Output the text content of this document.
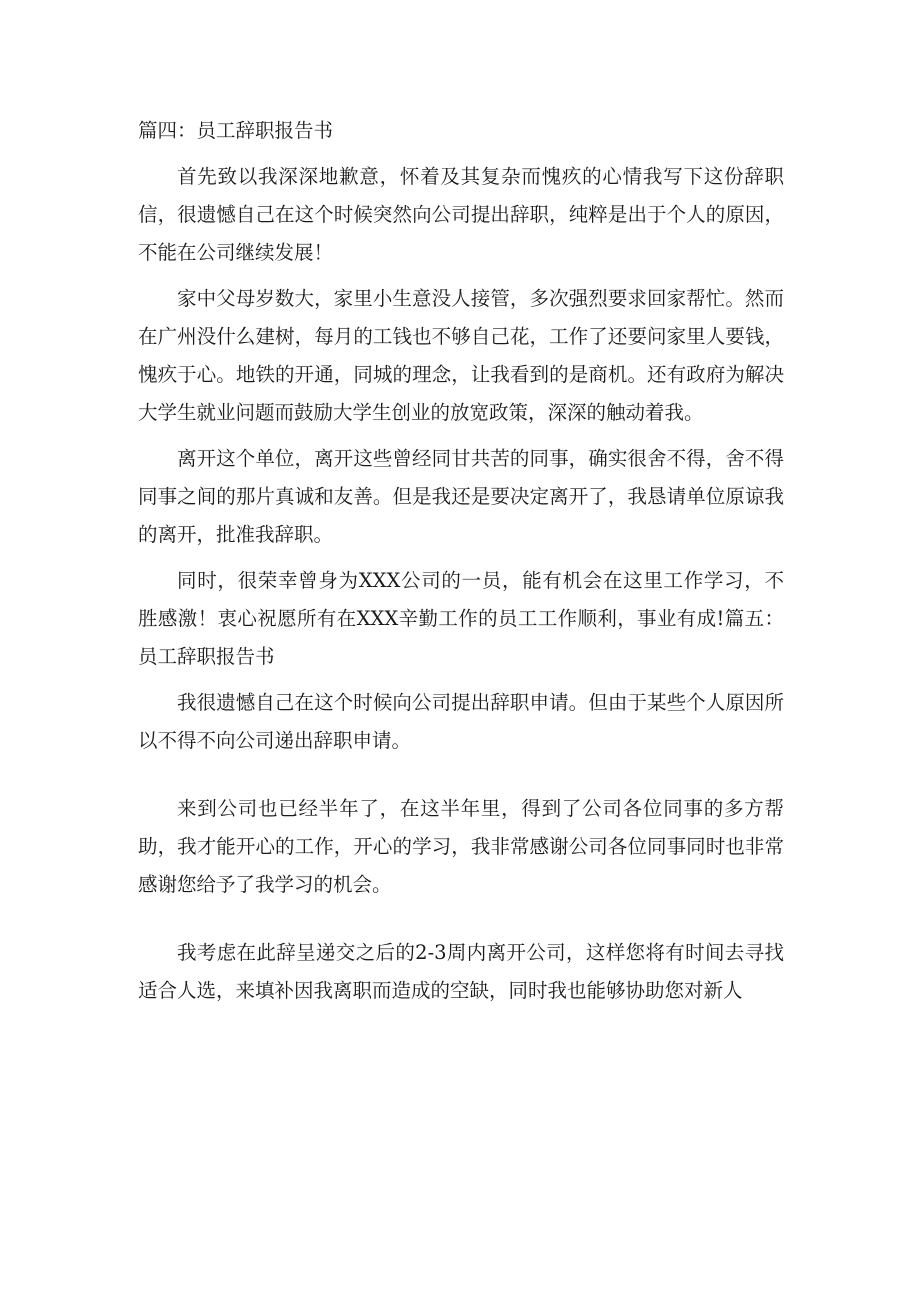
篇四：员工辞职报告书

首先致以我深深地歉意，怀着及其复杂而愧疚的心情我写下这份辞职信，很遗憾自己在这个时候突然向公司提出辞职，纯粹是出于个人的原因，不能在公司继续发展！

家中父母岁数大，家里小生意没人接管，多次强烈要求回家帮忙。然而在广州没什么建树，每月的工钱也不够自己花，工作了还要问家里人要钱，愧疚于心。地铁的开通，同城的理念，让我看到的是商机。还有政府为解决大学生就业问题而鼓励大学生创业的放宽政策，深深的触动着我。

离开这个单位，离开这些曾经同甘共苦的同事，确实很舍不得，舍不得同事之间的那片真诚和友善。但是我还是要决定离开了，我恳请单位原谅我的离开，批准我辞职。

同时，很荣幸曾身为XXX公司的一员，能有机会在这里工作学习，不胜感激！衷心祝愿所有在XXX辛勤工作的员工工作顺利，事业有成!篇五：员工辞职报告书

我很遗憾自己在这个时候向公司提出辞职申请。但由于某些个人原因所以不得不向公司递出辞职申请。

来到公司也已经半年了，在这半年里，得到了公司各位同事的多方帮助，我才能开心的工作，开心的学习，我非常感谢公司各位同事同时也非常感谢您给予了我学习的机会。

我考虑在此辞呈递交之后的2-3周内离开公司，这样您将有时间去寻找适合人选，来填补因我离职而造成的空缺，同时我也能够协助您对新人
